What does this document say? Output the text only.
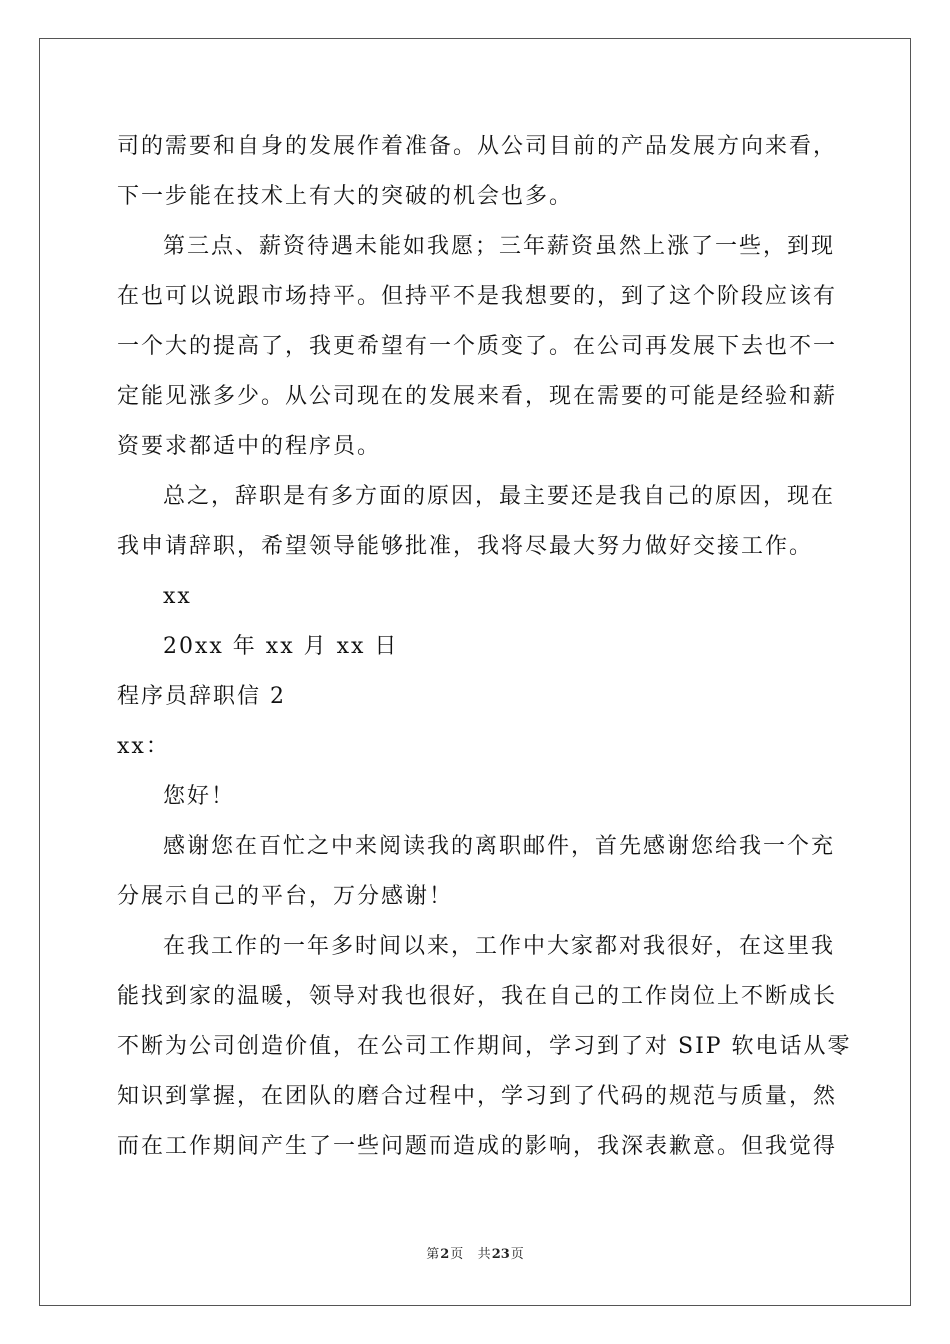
司的需要和自身的发展作着准备。从公司目前的产品发展方向来看，
下一步能在技术上有大的突破的机会也多。
第三点、薪资待遇未能如我愿；三年薪资虽然上涨了一些，到现
在也可以说跟市场持平。但持平不是我想要的，到了这个阶段应该有
一个大的提高了，我更希望有一个质变了。在公司再发展下去也不一
定能见涨多少。从公司现在的发展来看，现在需要的可能是经验和薪
资要求都适中的程序员。
总之，辞职是有多方面的原因，最主要还是我自己的原因，现在
我申请辞职，希望领导能够批准，我将尽最大努力做好交接工作。
xx
20xx 年 xx 月 xx 日
程序员辞职信 2
xx：
您好！
感谢您在百忙之中来阅读我的离职邮件，首先感谢您给我一个充
分展示自己的平台，万分感谢！
在我工作的一年多时间以来，工作中大家都对我很好，在这里我
能找到家的温暖，领导对我也很好，我在自己的工作岗位上不断成长
不断为公司创造价值，在公司工作期间，学习到了对 SIP 软电话从零
知识到掌握，在团队的磨合过程中，学习到了代码的规范与质量，然
而在工作期间产生了一些问题而造成的影响，我深表歉意。但我觉得
第2页 共23页
